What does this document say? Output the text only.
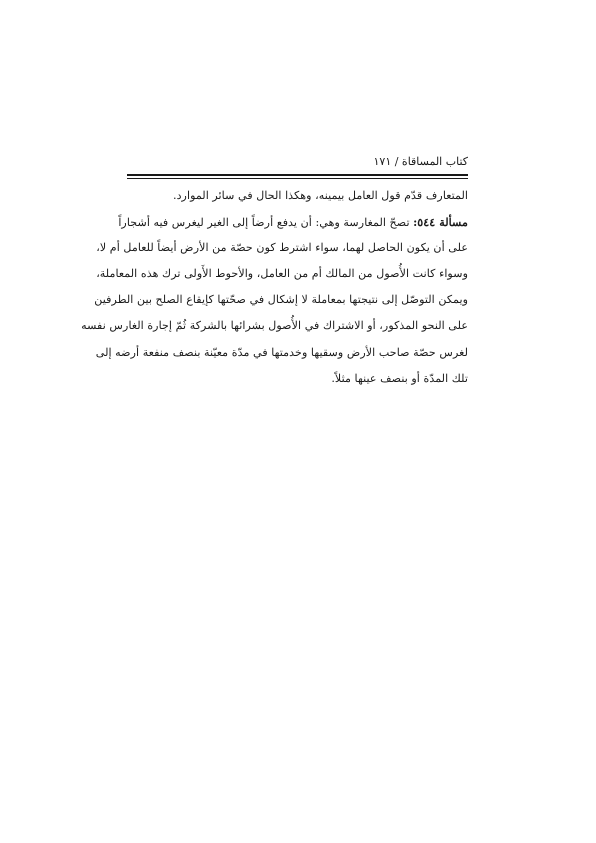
كتاب المساقاة / ١٧١
المتعارف قدّم قول العامل بيمينه، وهكذا الحال في سائر الموارد.
مسألة ٥٤٤: تصحّ المغارسة وهي: أن يدفع أرضاً إلى الغير ليغرس فيه أشجاراً
على أن يكون الحاصل لهما، سواء اشترط كون حصّة من الأرض أيضاً للعامل أم لا،
وسواء كانت الأُصول من المالك أم من العامل، والأحوط الأَولى ترك هذه المعاملة،
ويمكن التوصّل إلى نتيجتها بمعاملة لا إشكال في صحّتها كإيقاع الصلح بين الطرفين
على النحو المذكور، أو الاشتراك في الأُصول بشرائها بالشركة ثُمّ إجارة الغارس نفسه
لغرس حصّة صاحب الأرض وسقيها وخدمتها في مدّة معيّنة بنصف منفعة أرضه إلى
تلك المدّة أو بنصف عينها مثلاً.
